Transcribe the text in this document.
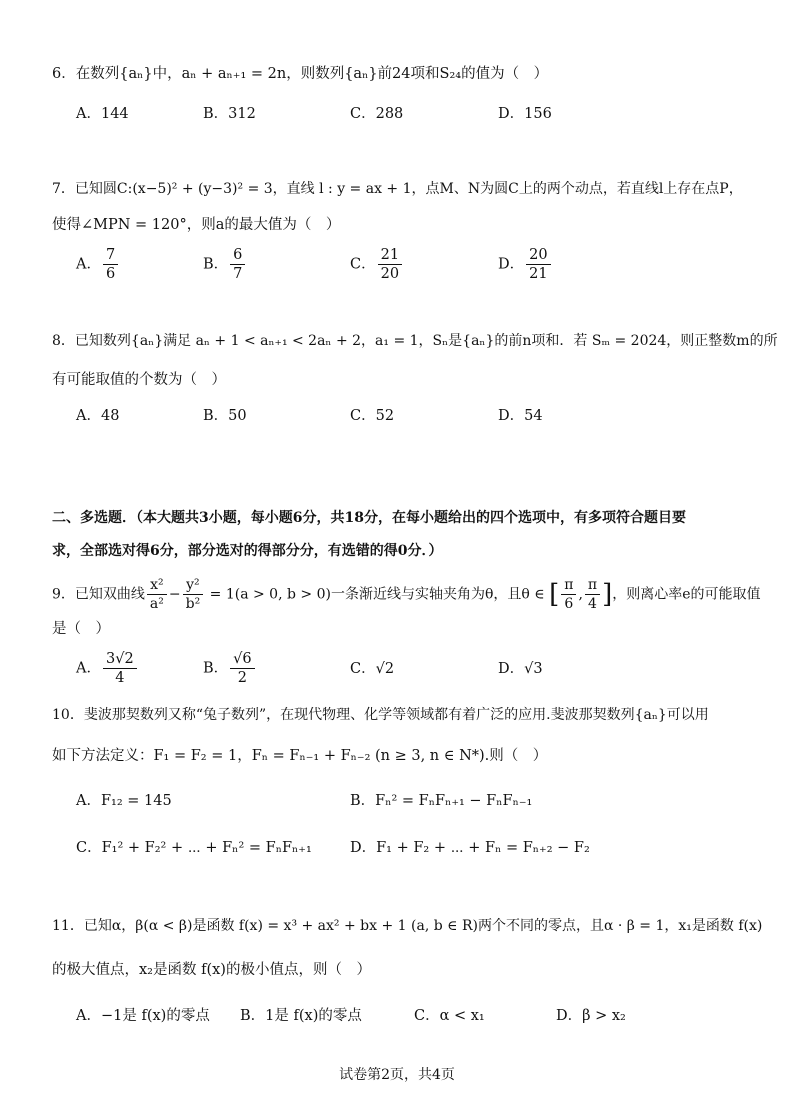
6．在数列{aₙ}中，aₙ + aₙ₊₁ = 2n，则数列{aₙ}前24项和S₂₄的值为（　）
A．144	B．312	C．288	D．156
7．已知圆C:(x−5)² + (y−3)² = 3，直线 l : y = ax + 1，点M、N为圆C上的两个动点，若直线l上存在点P，
使得∠MPN = 120°，则a的最大值为（　）
A． $\frac{7}{6}$	B． $\frac{6}{7}$	C． $\frac{21}{20}$	D． $\frac{20}{21}$
8．已知数列{aₙ}满足 aₙ + 1 < aₙ₊₁ < 2aₙ + 2，a₁ = 1，Sₙ是{aₙ}的前n项和．若 Sₘ = 2024，则正整数m的所
有可能取值的个数为（　）
A．48	B．50	C．52	D．54
二、多选题．（本大题共3小题，每小题6分，共18分，在每小题给出的四个选项中，有多项符合题目要
求，全部选对得6分，部分选对的得部分分，有选错的得0分．）
9．已知双曲线 $\frac{\text{x²}}{\text{a²}} - \frac{\text{y²}}{\text{b²}} = 1(a > 0$, b > 0)一条渐近线与实轴夹角为θ，且θ ∈ [ $\frac{\pi}{6}$ , $\frac{\pi}{4}$ ]，则离心率e的可能取值
是（　）
A． $\frac{3√2}{4}$	B． $\frac{√6}{2}$	C．√2	D．√3
10．斐波那契数列又称“兔子数列”，在现代物理、化学等领域都有着广泛的应用.斐波那契数列{aₙ}可以用
如下方法定义：F₁ = F₂ = 1，Fₙ = Fₙ₋₁ + Fₙ₋₂ (n ≥ 3, n ∈ N*).则（　）
A．F₁₂ = 145	B．Fₙ² = FₙFₙ₊₁ − FₙFₙ₋₁
C．F₁² + F₂² + ⋯ + Fₙ² = FₙFₙ₊₁	D．F₁ + F₂ + ⋯ + Fₙ = Fₙ₊₂ − F₂
11．已知α，β(α < β)是函数 f(x) = x³ + ax² + bx + 1 (a, b ∈ R)两个不同的零点，且α · β = 1，x₁是函数 f(x)
的极大值点，x₂是函数 f(x)的极小值点，则（　）
A．−1是 f(x)的零点 B．1是 f(x)的零点	C．α < x₁	D．β > x₂
试卷第2页，共4页
